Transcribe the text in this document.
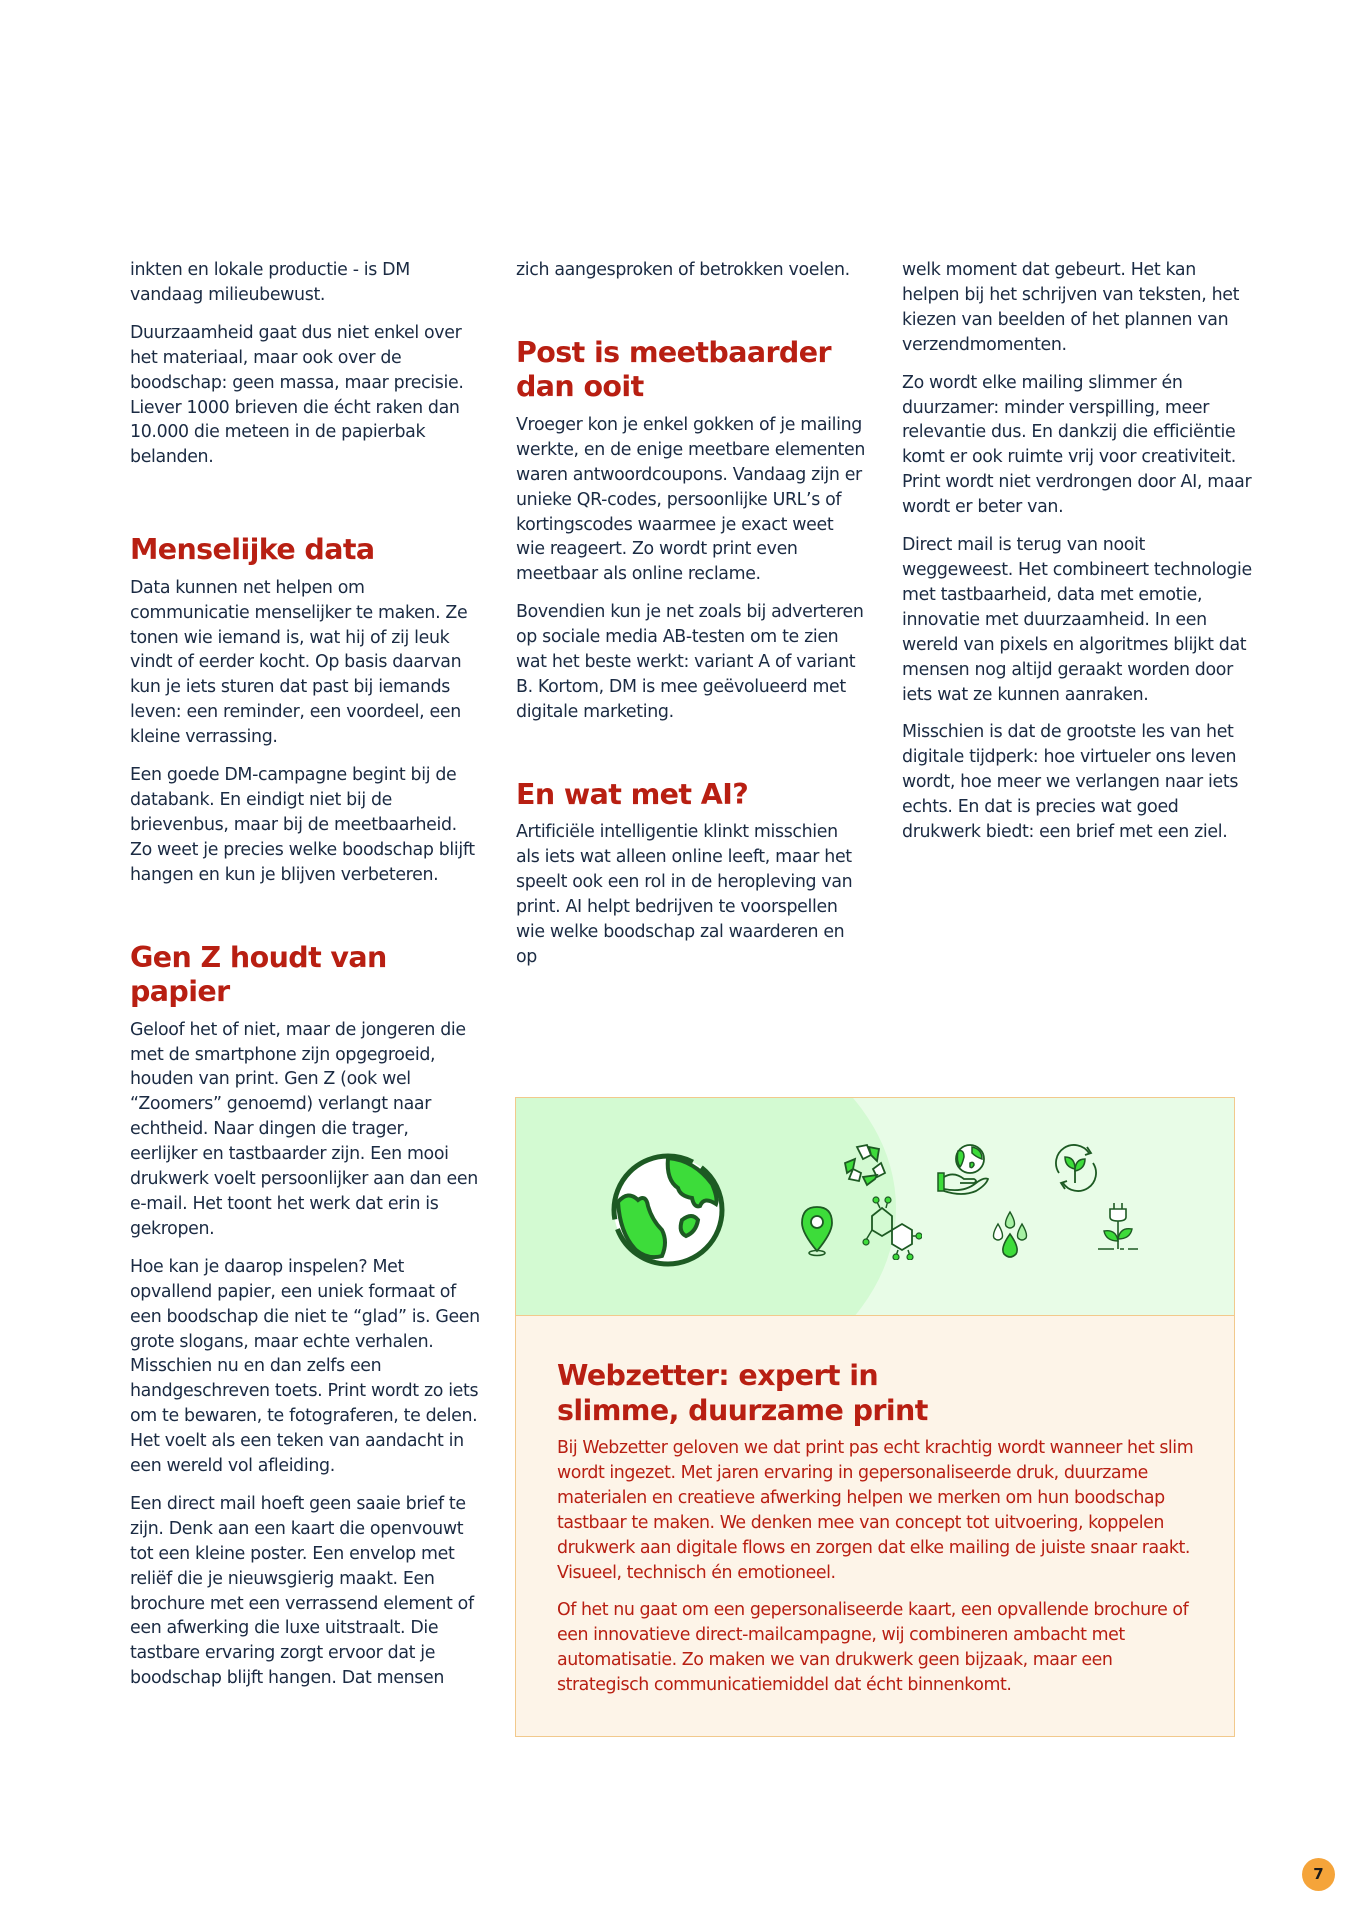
inkten en lokale productie - is DM vandaag milieubewust.

Duurzaamheid gaat dus niet enkel over het materiaal, maar ook over de boodschap: geen massa, maar precisie. Liever 1000 brieven die écht raken dan 10.000 die meteen in de papierbak belanden.

Menselijke data

Data kunnen net helpen om communicatie menselijker te maken. Ze tonen wie iemand is, wat hij of zij leuk vindt of eerder kocht. Op basis daarvan kun je iets sturen dat past bij iemands leven: een reminder, een voordeel, een kleine verrassing.

Een goede DM-campagne begint bij de databank. En eindigt niet bij de brievenbus, maar bij de meetbaarheid. Zo weet je precies welke boodschap blijft hangen en kun je blijven verbeteren.

Gen Z houdt van papier

Geloof het of niet, maar de jongeren die met de smartphone zijn opgegroeid, houden van print. Gen Z (ook wel “Zoomers” genoemd) verlangt naar echtheid. Naar dingen die trager, eerlijker en tastbaarder zijn. Een mooi drukwerk voelt persoonlijker aan dan een e-mail. Het toont het werk dat erin is gekropen.

Hoe kan je daarop inspelen? Met opvallend papier, een uniek formaat of een boodschap die niet te “glad” is. Geen grote slogans, maar echte verhalen. Misschien nu en dan zelfs een handgeschreven toets. Print wordt zo iets om te bewaren, te fotograferen, te delen. Het voelt als een teken van aandacht in een wereld vol afleiding.

Een direct mail hoeft geen saaie brief te zijn. Denk aan een kaart die openvouwt tot een kleine poster. Een envelop met reliëf die je nieuwsgierig maakt. Een brochure met een verrassend element of een afwerking die luxe uitstraalt. Die tastbare ervaring zorgt ervoor dat je boodschap blijft hangen. Dat mensen

zich aangesproken of betrokken voelen.

Post is meetbaarder dan ooit

Vroeger kon je enkel gokken of je mailing werkte, en de enige meetbare elementen waren antwoordcoupons. Vandaag zijn er unieke QR-codes, persoonlijke URL’s of kortingscodes waarmee je exact weet wie reageert. Zo wordt print even meetbaar als online reclame.

Bovendien kun je net zoals bij adverteren op sociale media AB-testen om te zien wat het beste werkt: variant A of variant B. Kortom, DM is mee geëvolueerd met digitale marketing.

En wat met AI?

Artificiële intelligentie klinkt misschien als iets wat alleen online leeft, maar het speelt ook een rol in de heropleving van print. AI helpt bedrijven te voorspellen wie welke boodschap zal waarderen en op

welk moment dat gebeurt. Het kan helpen bij het schrijven van teksten, het kiezen van beelden of het plannen van verzendmomenten.

Zo wordt elke mailing slimmer én duurzamer: minder verspilling, meer relevantie dus. En dankzij die efficiëntie komt er ook ruimte vrij voor creativiteit. Print wordt niet verdrongen door AI, maar wordt er beter van.

Direct mail is terug van nooit weggeweest. Het combineert technologie met tastbaarheid, data met emotie, innovatie met duurzaamheid. In een wereld van pixels en algoritmes blijkt dat mensen nog altijd geraakt worden door iets wat ze kunnen aanraken.

Misschien is dat de grootste les van het digitale tijdperk: hoe virtueler ons leven wordt, hoe meer we verlangen naar iets echts. En dat is precies wat goed drukwerk biedt: een brief met een ziel.

Webzetter: expert in slimme, duurzame print

Bij Webzetter geloven we dat print pas echt krachtig wordt wanneer het slim wordt ingezet. Met jaren ervaring in gepersonaliseerde druk, duurzame materialen en creatieve afwerking helpen we merken om hun boodschap tastbaar te maken. We denken mee van concept tot uitvoering, koppelen drukwerk aan digitale flows en zorgen dat elke mailing de juiste snaar raakt. Visueel, technisch én emotioneel.

Of het nu gaat om een gepersonaliseerde kaart, een opvallende brochure of een innovatieve direct-mailcampagne, wij combineren ambacht met automatisatie. Zo maken we van drukwerk geen bijzaak, maar een strategisch communicatiemiddel dat écht binnenkomt.

7
